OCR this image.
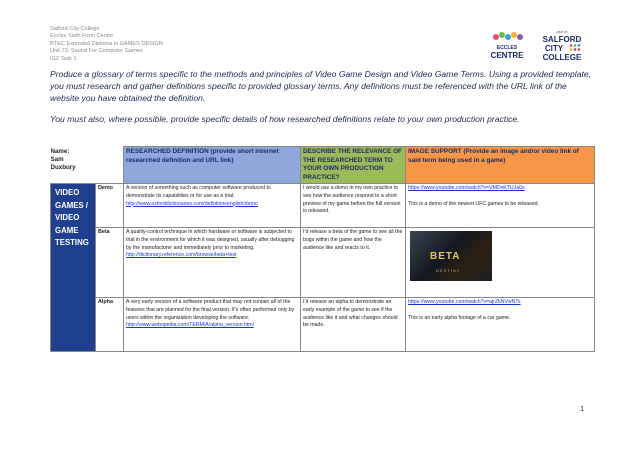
Salford City College
Eccles Sixth Form Centre
BTEC Extended Diploma in GAMES DESIGN
Unit 73: Sound For Computer Games
IG2 Task 1
ECCLES
CENTRE
part of
SALFORD
CITY
COLLEGE

Produce a glossary of terms specific to the methods and principles of Video Game Design and Video Game Terms. Using a provided template, you must research and gather definitions specific to provided glossary terms. Any definitions must be referenced with the URL link of the website you have obtained the definition.

You must also, where possible, provide specific details of how researched definitions relate to your own production practice.

Name:
Sam
Duxbury		RESEARCHED DEFINITION (provide short internet researched definition and URL link)	DESCRIBE THE RELEVANCE OF THE RESEARCHED TERM TO YOUR OWN PRODUCTION PRACTICE?	IMAGE SUPPORT (Provide an image and/or video link of said term being used in a game)
VIDEO GAMES / VIDEO GAME TESTING	Demo	A version of something such as computer software produced to demonstrate its capabilities or for use as a trial.
http://www.oxforddictionaries.com/definition/english/demo	I would use a demo in my own practice to see how the audience respond to a short preview of my game before the full version is released.	https://www.youtube.com/watch?v=VMDvKTUJa0s

This is a demo of the newest UFC games to be released.
	Beta	A quality-control technique in which hardware or software is subjected to trial in the environment for which it was designed, usually after debugging by the manufacturer and immediately prior to marketing.
http://dictionary.reference.com/browse/beta+test	I'd release a beta of the game to see all the bugs within the game and how the audience like and reacts to it.	BETA
DESTINY

	Alpha	A very early version of a software product that may not contain all of the features that are planned for the final version. It's often performed only by users within the organization developing the software.
http://www.webopedia.com/TERM/A/alpha_version.html	I'd release an alpha to demonstrate an early example of the game to see if the audience like it and what changes should be made.	https://www.youtube.com/watch?v=ajrZkNVwNTs

This is an early alpha footage of a car game.
1
